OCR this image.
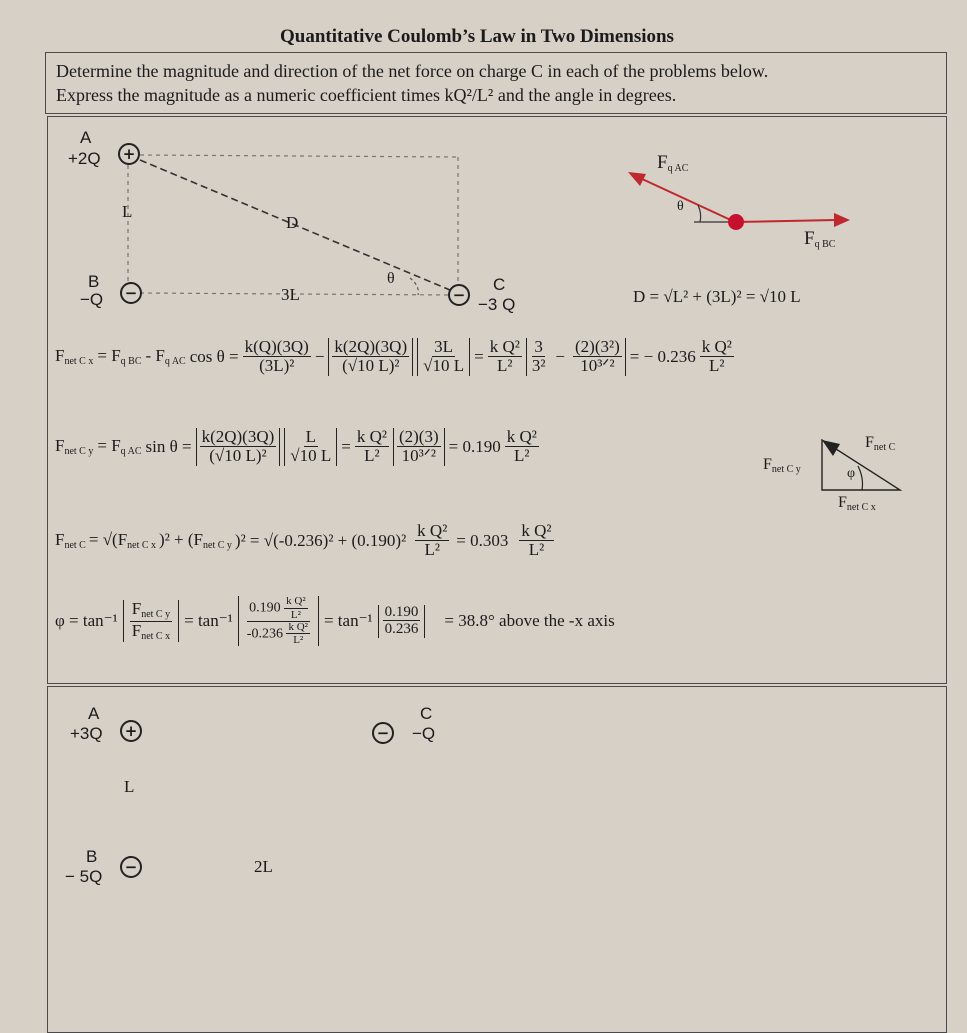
Quantitative Coulomb’s Law in Two Dimensions
Determine the magnitude and direction of the net force on charge C in each of the problems below.
Express the magnitude as a numeric coefficient times kQ²/L² and the angle in degrees.
A
+2Q	+
B
−Q	−	−
C
−3 Q
L
3L
D
θ
$F_{q AC}$
θ
$F_{q BC}$
D = √L² + (3L)² = √10 L
$F_{net C x} = F_{q BC} - F_{q AC}$ $\cos \theta = \frac{k(Q)(3Q)}{\text{(3L)²}} - \frac{k(2Q)(3Q)}{\text{(√10 L)²}} \frac{3L}{√10 L} = \frac{\text{k Q²}}{\text{L²}} \frac{3}{\text{3²}} - \frac{\text{(2)(3²)}}{\text{10³ᐟ²}}$ = − $0.236 \frac{\text{k Q²}}{\text{L²}}$
$F_{net C y} = F_{q AC}$ $\sin \theta = \frac{k(2Q)(3Q)}{\text{(√10 L)²}} \frac{L}{√10 L} = \frac{\text{k Q²}}{\text{L²}} \frac{(2)(3)}{\text{10³ᐟ²}} = 0.190 \frac{\text{k Q²}}{\text{L²}}$	$F_{net C}$
$F_{net C y}$
$F_{net C x}$
φ
$F_{net C} = √(F_{net C x}$ )$^2 + (F_{net C y}$ )$^2 = √(-0.236)^2 + (0.190)^2 \frac{\text{k Q²}}{\text{L²}} = 0.303 \frac{\text{k Q²}}{\text{L²}}$
$\varphi = \tan^{-1} \frac{F_{net C y}}{F_{net C x}} = \tan^{-1} \frac{0.190 \frac{\text{k Q²}}{\text{L²}}}{-0.236 \frac{\text{k Q²}}{\text{L²}}} = \tan^{-1} \frac{0.190}{0.236} = 38.8^\circ$ above the -x axis
A
+3Q	+	−
C
−Q
L
B
− 5Q
−	2L
